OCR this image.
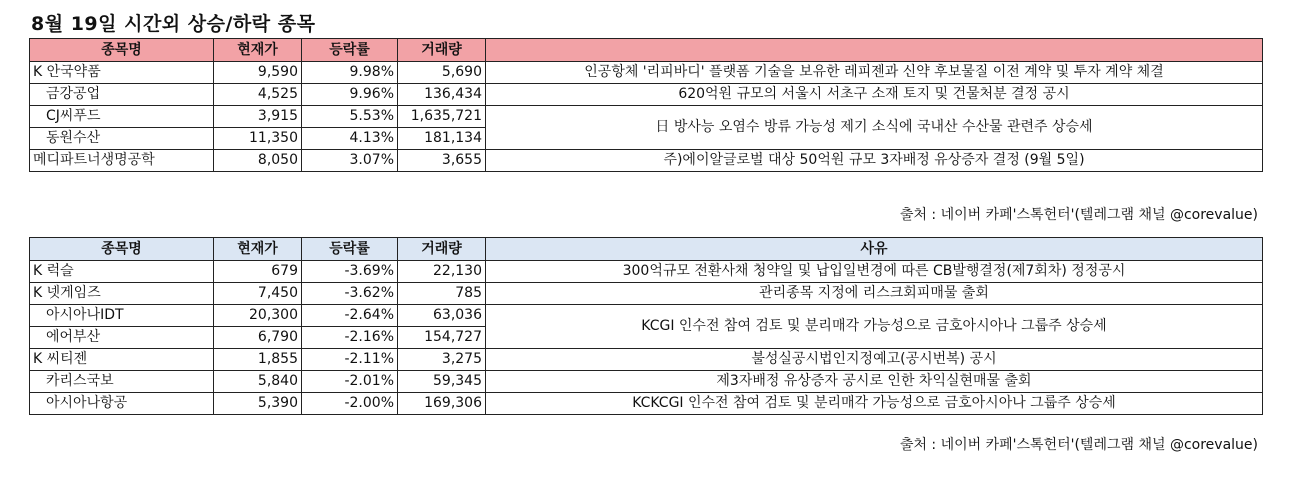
8월 19일 시간외 상승/하락 종목
종목명	현재가	등락률	거래량	
K 안국약품	9,590	9.98%	5,690	인공항체 '리피바디' 플랫폼 기술을 보유한 레피젠과 신약 후보물질 이전 계약 및 투자 계약 체결
금강공업	4,525	9.96%	136,434	620억원 규모의 서울시 서초구 소재 토지 및 건물처분 결정 공시
CJ씨푸드	3,915	5.53%	1,635,721	日 방사능 오염수 방류 가능성 제기 소식에 국내산 수산물 관련주 상승세
동원수산	11,350	4.13%	181,134	
메디파트너생명공학	8,050	3.07%	3,655	주)에이알글로벌 대상 50억원 규모 3자배정 유상증자 결정 (9월 5일)
출처 : 네이버 카페'스톡헌터'(텔레그램 채널 @corevalue)
종목명	현재가	등락률	거래량	사유
K 럭슬	679	-3.69%	22,130	300억규모 전환사채 청약일 및 납입일변경에 따른 CB발행결정(제7회차) 정정공시
K 넷게임즈	7,450	-3.62%	785	관리종목 지정에 리스크회피매물 출회
아시아나IDT	20,300	-2.64%	63,036	KCGI 인수전 참여 검토 및 분리매각 가능성으로 금호아시아나 그룹주 상승세
에어부산	6,790	-2.16%	154,727	
K 씨티젠	1,855	-2.11%	3,275	불성실공시법인지정예고(공시번복) 공시
카리스국보	5,840	-2.01%	59,345	제3자배정 유상증자 공시로 인한 차익실현매물 출회
아시아나항공	5,390	-2.00%	169,306	KCKCGI 인수전 참여 검토 및 분리매각 가능성으로 금호아시아나 그룹주 상승세
출처 : 네이버 카페'스톡헌터'(텔레그램 채널 @corevalue)
